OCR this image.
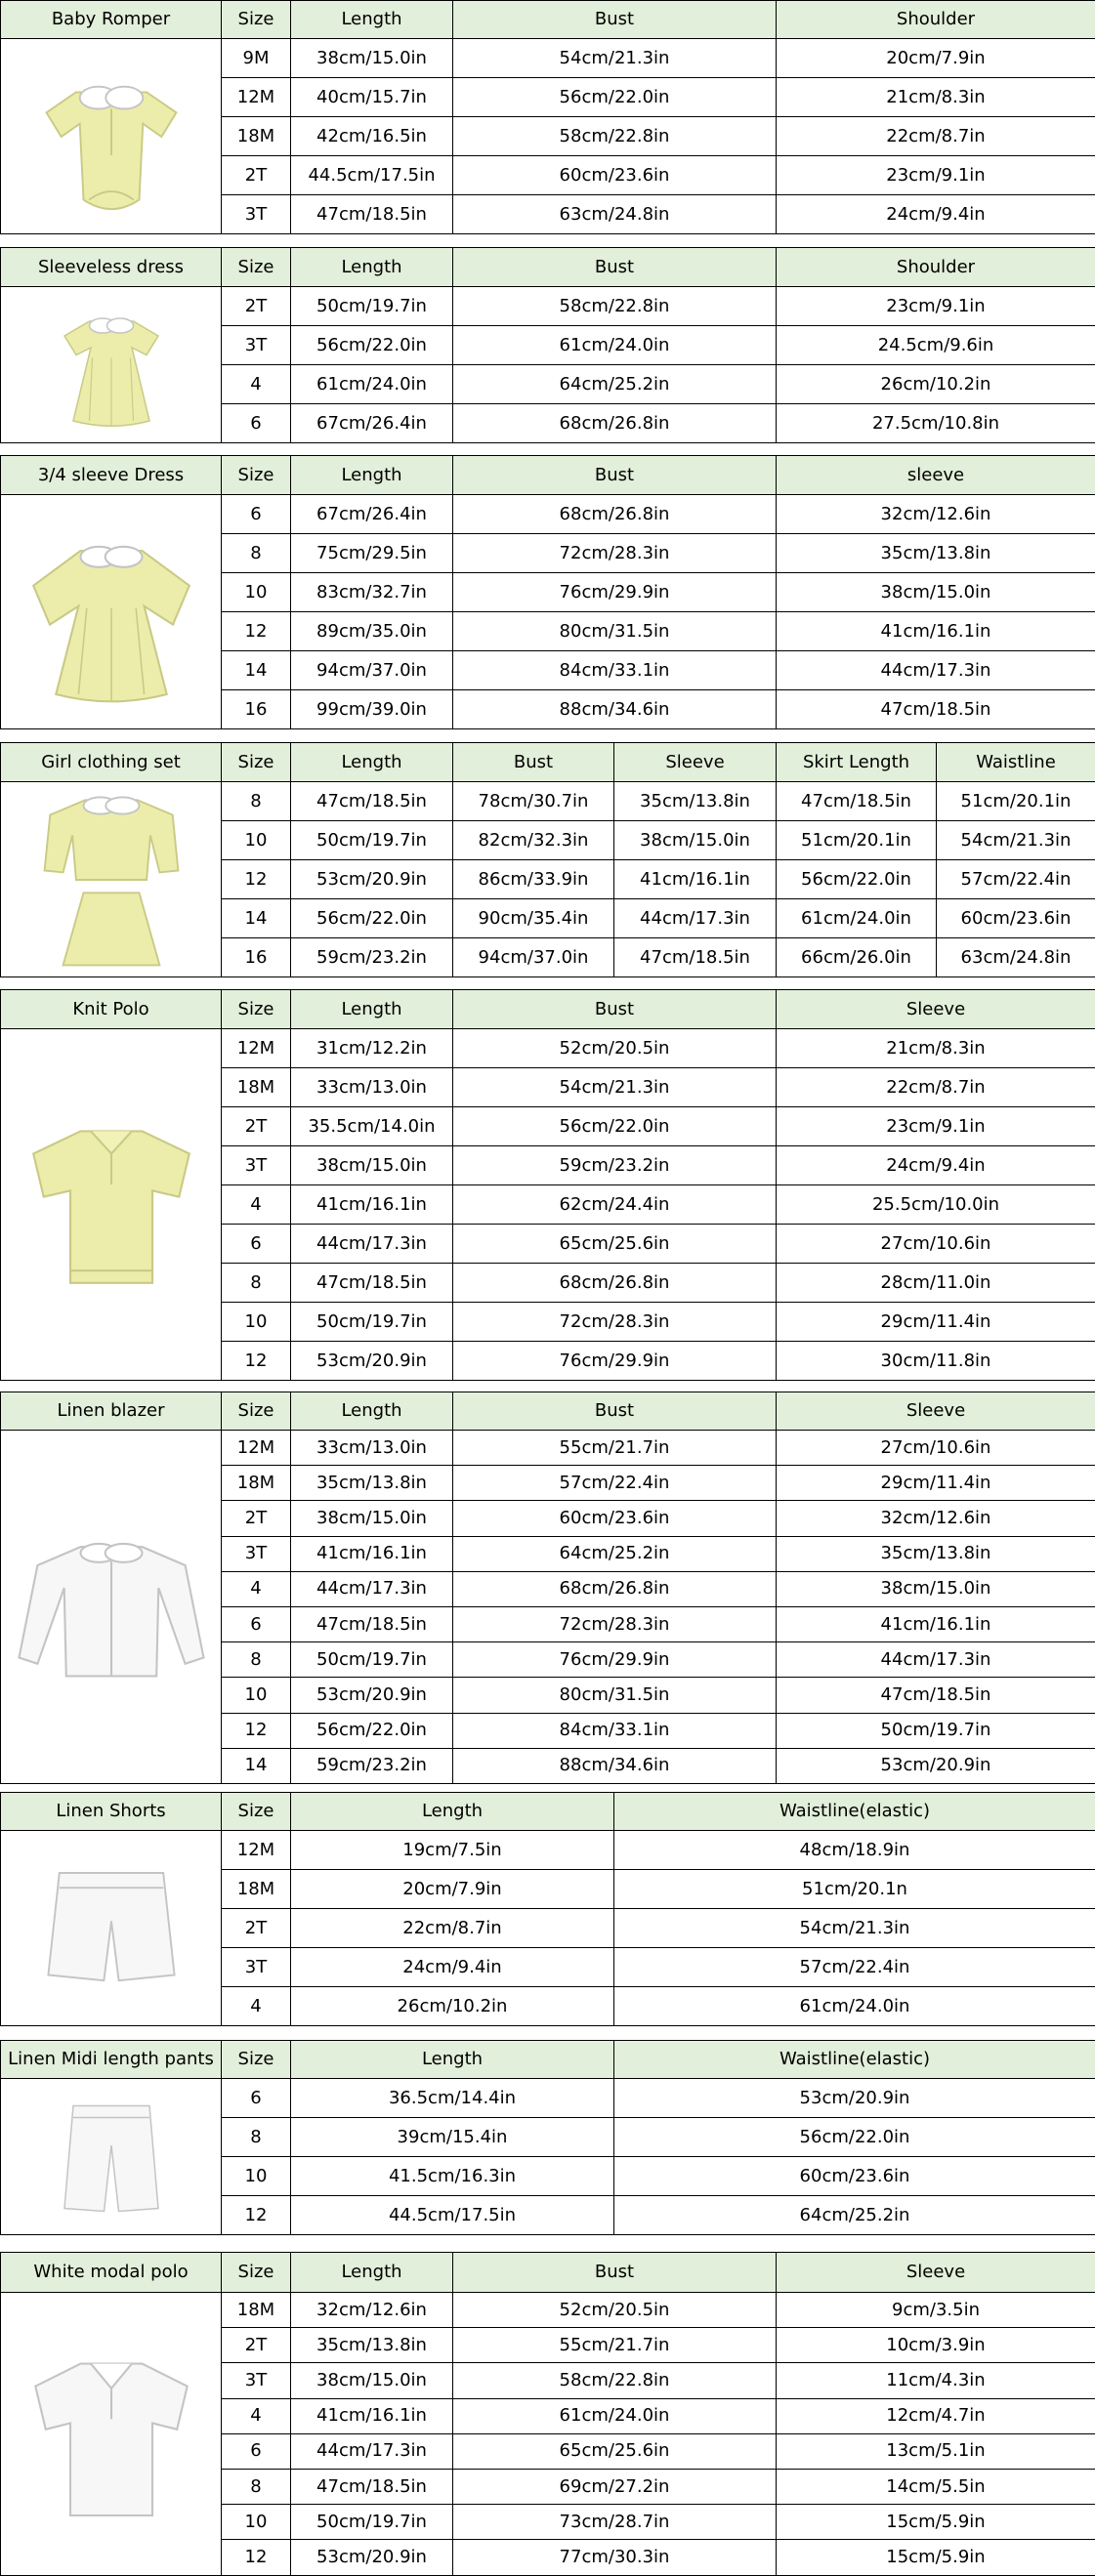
Baby Romper	Size	Length	Bust	Shoulder

	9M	38cm/15.0in	54cm/21.3in	20cm/7.9in
	12M	40cm/15.7in	56cm/22.0in	21cm/8.3in
	18M	42cm/16.5in	58cm/22.8in	22cm/8.7in
	2T	44.5cm/17.5in	60cm/23.6in	23cm/9.1in
	3T	47cm/18.5in	63cm/24.8in	24cm/9.4in
Sleeveless dress	Size	Length	Bust	Shoulder

	2T	50cm/19.7in	58cm/22.8in	23cm/9.1in
	3T	56cm/22.0in	61cm/24.0in	24.5cm/9.6in
	4	61cm/24.0in	64cm/25.2in	26cm/10.2in
	6	67cm/26.4in	68cm/26.8in	27.5cm/10.8in
3/4 sleeve Dress	Size	Length	Bust	sleeve

	6	67cm/26.4in	68cm/26.8in	32cm/12.6in
	8	75cm/29.5in	72cm/28.3in	35cm/13.8in
	10	83cm/32.7in	76cm/29.9in	38cm/15.0in
	12	89cm/35.0in	80cm/31.5in	41cm/16.1in
	14	94cm/37.0in	84cm/33.1in	44cm/17.3in
	16	99cm/39.0in	88cm/34.6in	47cm/18.5in
Girl clothing set	Size	Length	Bust	Sleeve	Skirt Length	Waistline

	8	47cm/18.5in	78cm/30.7in	35cm/13.8in	47cm/18.5in	51cm/20.1in
	10	50cm/19.7in	82cm/32.3in	38cm/15.0in	51cm/20.1in	54cm/21.3in
	12	53cm/20.9in	86cm/33.9in	41cm/16.1in	56cm/22.0in	57cm/22.4in
	14	56cm/22.0in	90cm/35.4in	44cm/17.3in	61cm/24.0in	60cm/23.6in
	16	59cm/23.2in	94cm/37.0in	47cm/18.5in	66cm/26.0in	63cm/24.8in
Knit Polo	Size	Length	Bust	Sleeve

	12M	31cm/12.2in	52cm/20.5in	21cm/8.3in
	18M	33cm/13.0in	54cm/21.3in	22cm/8.7in
	2T	35.5cm/14.0in	56cm/22.0in	23cm/9.1in
	3T	38cm/15.0in	59cm/23.2in	24cm/9.4in
	4	41cm/16.1in	62cm/24.4in	25.5cm/10.0in
	6	44cm/17.3in	65cm/25.6in	27cm/10.6in
	8	47cm/18.5in	68cm/26.8in	28cm/11.0in
	10	50cm/19.7in	72cm/28.3in	29cm/11.4in
	12	53cm/20.9in	76cm/29.9in	30cm/11.8in
Linen blazer	Size	Length	Bust	Sleeve

	12M	33cm/13.0in	55cm/21.7in	27cm/10.6in
	18M	35cm/13.8in	57cm/22.4in	29cm/11.4in
	2T	38cm/15.0in	60cm/23.6in	32cm/12.6in
	3T	41cm/16.1in	64cm/25.2in	35cm/13.8in
	4	44cm/17.3in	68cm/26.8in	38cm/15.0in
	6	47cm/18.5in	72cm/28.3in	41cm/16.1in
	8	50cm/19.7in	76cm/29.9in	44cm/17.3in
	10	53cm/20.9in	80cm/31.5in	47cm/18.5in
	12	56cm/22.0in	84cm/33.1in	50cm/19.7in
	14	59cm/23.2in	88cm/34.6in	53cm/20.9in
Linen Shorts	Size	Length	Waistline(elastic)

	12M	19cm/7.5in	48cm/18.9in
	18M	20cm/7.9in	51cm/20.1n
	2T	22cm/8.7in	54cm/21.3in
	3T	24cm/9.4in	57cm/22.4in
	4	26cm/10.2in	61cm/24.0in
Linen Midi length pants	Size	Length	Waistline(elastic)

	6	36.5cm/14.4in	53cm/20.9in
	8	39cm/15.4in	56cm/22.0in
	10	41.5cm/16.3in	60cm/23.6in
	12	44.5cm/17.5in	64cm/25.2in
White modal polo	Size	Length	Bust	Sleeve

	18M	32cm/12.6in	52cm/20.5in	9cm/3.5in
	2T	35cm/13.8in	55cm/21.7in	10cm/3.9in
	3T	38cm/15.0in	58cm/22.8in	11cm/4.3in
	4	41cm/16.1in	61cm/24.0in	12cm/4.7in
	6	44cm/17.3in	65cm/25.6in	13cm/5.1in
	8	47cm/18.5in	69cm/27.2in	14cm/5.5in
	10	50cm/19.7in	73cm/28.7in	15cm/5.9in
	12	53cm/20.9in	77cm/30.3in	15cm/5.9in
